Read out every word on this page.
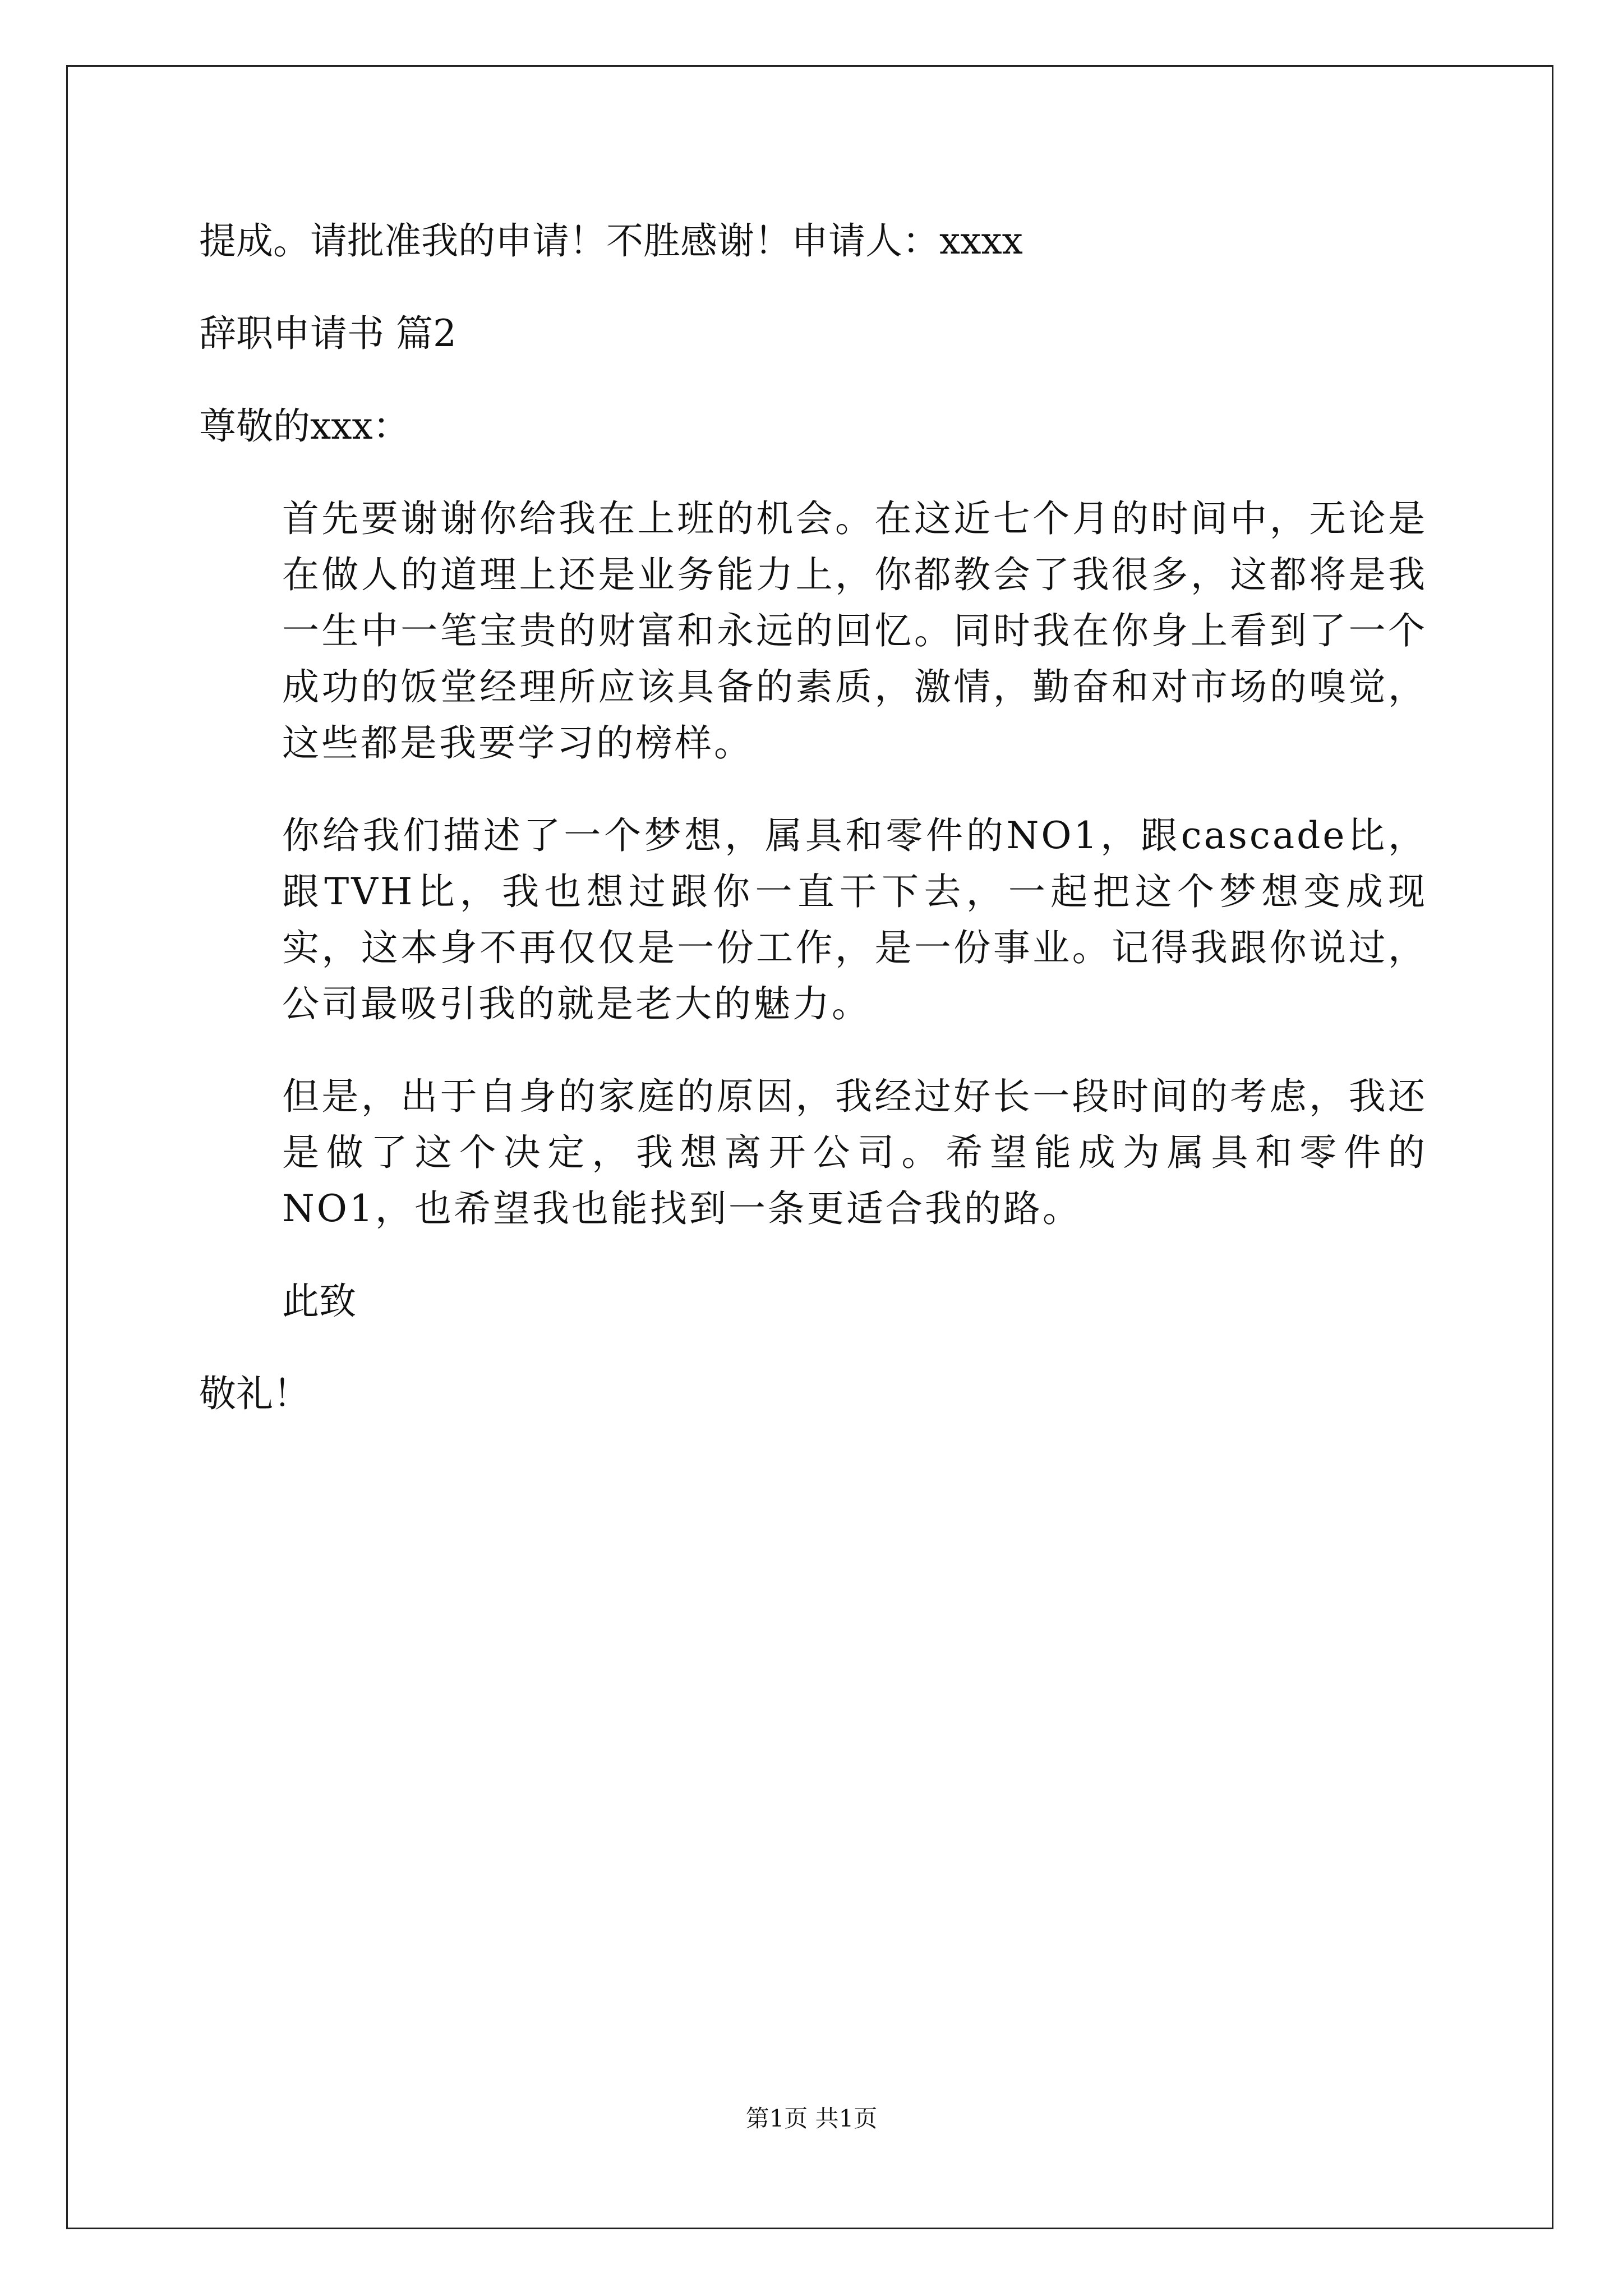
提成。请批准我的申请！不胜感谢！申请人：xxxx

辞职申请书 篇2

尊敬的xxx：

首先要谢谢你给我在上班的机会。在这近七个月的时间中，无论是在做人的道理上还是业务能力上，你都教会了我很多，这都将是我一生中一笔宝贵的财富和永远的回忆。同时我在你身上看到了一个成功的饭堂经理所应该具备的素质，激情，勤奋和对市场的嗅觉，这些都是我要学习的榜样。

你给我们描述了一个梦想，属具和零件的NO1，跟cascade比，跟TVH比，我也想过跟你一直干下去，一起把这个梦想变成现实，这本身不再仅仅是一份工作，是一份事业。记得我跟你说过，公司最吸引我的就是老大的魅力。

但是，出于自身的家庭的原因，我经过好长一段时间的考虑，我还是做了这个决定，我想离开公司。希望能成为属具和零件的NO1，也希望我也能找到一条更适合我的路。

此致

敬礼！

第1页 共1页
